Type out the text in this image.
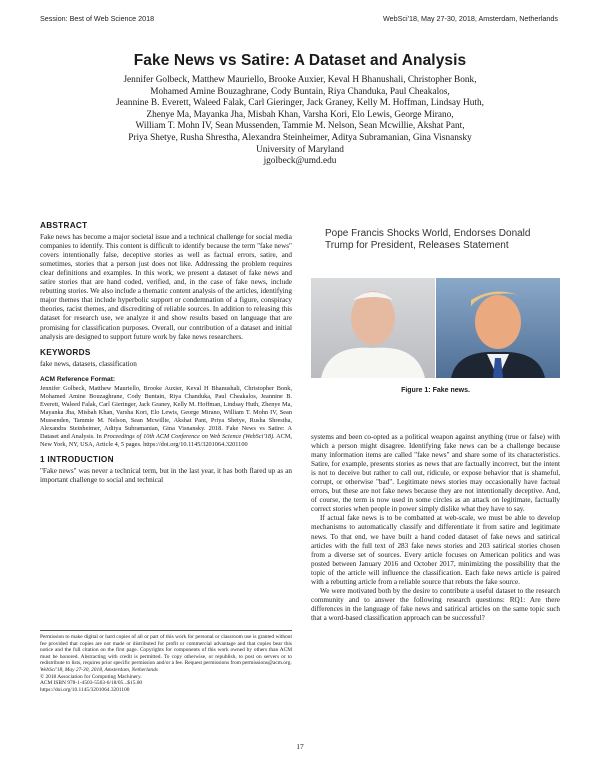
Session: Best of Web Science 2018	WebSci'18, May 27-30, 2018, Amsterdam, Netherlands
Fake News vs Satire: A Dataset and Analysis
Jennifer Golbeck, Matthew Mauriello, Brooke Auxier, Keval H Bhanushali, Christopher Bonk,
Mohamed Amine Bouzaghrane, Cody Buntain, Riya Chanduka, Paul Cheakalos,
Jeannine B. Everett, Waleed Falak, Carl Gieringer, Jack Graney, Kelly M. Hoffman, Lindsay Huth,
Zhenye Ma, Mayanka Jha, Misbah Khan, Varsha Kori, Elo Lewis, George Mirano,
William T. Mohn IV, Sean Mussenden, Tammie M. Nelson, Sean Mcwillie, Akshat Pant,
Priya Shetye, Rusha Shrestha, Alexandra Steinheimer, Aditya Subramanian, Gina Visnansky
University of Maryland
jgolbeck@umd.edu
ABSTRACT

Fake news has become a major societal issue and a technical challenge for social media companies to identify. This content is difficult to identify because the term "fake news" covers intentionally false, deceptive stories as well as factual errors, satire, and sometimes, stories that a person just does not like. Addressing the problem requires clear definitions and examples. In this work, we present a dataset of fake news and satire stories that are hand coded, verified, and, in the case of fake news, include rebutting stories. We also include a thematic content analysis of the articles, identifying major themes that include hyperbolic support or condemnation of a figure, conspiracy theories, racist themes, and discrediting of reliable sources. In addition to releasing this dataset for research use, we analyze it and show results based on language that are promising for classification purposes. Overall, our contribution of a dataset and initial analysis are designed to support future work by fake news researchers.

KEYWORDS

fake news, datasets, classification

ACM Reference Format:

Jennifer Golbeck, Matthew Mauriello, Brooke Auxier, Keval H Bhanushali, Christopher Bonk, Mohamed Amine Bouzaghrane, Cody Buntain, Riya Chanduka, Paul Cheakalos, Jeannine B. Everett, Waleed Falak, Carl Gieringer, Jack Graney, Kelly M. Hoffman, Lindsay Huth, Zhenye Ma, Mayanka Jha, Misbah Khan, Varsha Kori, Elo Lewis, George Mirano, William T. Mohn IV, Sean Mussenden, Tammie M. Nelson, Sean Mcwillie, Akshat Pant, Priya Shetye, Rusha Shrestha, Alexandra Steinheimer, Aditya Subramanian, Gina Visnansky. 2018. Fake News vs Satire: A Dataset and Analysis. In Proceedings of 10th ACM Conference on Web Science (WebSci'18). ACM, New York, NY, USA, Article 4, 5 pages. https://doi.org/10.1145/3201064.3201100

1 INTRODUCTION

"Fake news" was never a technical term, but in the last year, it has both flared up as an important challenge to social and technical

Permission to make digital or hard copies of all or part of this work for personal or classroom use is granted without fee provided that copies are not made or distributed for profit or commercial advantage and that copies bear this notice and the full citation on the first page. Copyrights for components of this work owned by others than ACM must be honored. Abstracting with credit is permitted. To copy otherwise, or republish, to post on servers or to redistribute to lists, requires prior specific permission and/or a fee. Request permissions from permissions@acm.org.

WebSci'18, May 27-30, 2018, Amsterdam, Netherlands

© 2018 Association for Computing Machinery.

ACM ISBN 978-1-4503-5563-6/18/05...$15.00

https://doi.org/10.1145/3201064.3201100

Pope Francis Shocks World, Endorses Donald Trump for President, Releases Statement
Figure 1: Fake news.

systems and been co-opted as a political weapon against anything (true or false) with which a person might disagree. Identifying fake news can be a challenge because many information items are called "fake news" and share some of its characteristics. Satire, for example, presents stories as news that are factually incorrect, but the intent is not to deceive but rather to call out, ridicule, or expose behavior that is shameful, corrupt, or otherwise "bad". Legitimate news stories may occasionally have factual errors, but these are not fake news because they are not intentionally deceptive. And, of course, the term is now used in some circles as an attack on legitimate, factually correct stories when people in power simply dislike what they have to say.

If actual fake news is to be combatted at web-scale, we must be able to develop mechanisms to automatically classify and differentiate it from satire and legitimate news. To that end, we have built a hand coded dataset of fake news and satirical articles with the full text of 283 fake news stories and 203 satirical stories chosen from a diverse set of sources. Every article focuses on American politics and was posted between January 2016 and October 2017, minimizing the possibility that the topic of the article will influence the classification. Each fake news article is paired with a rebutting article from a reliable source that rebuts the fake source.

We were motivated both by the desire to contribute a useful dataset to the research community and to answer the following research questions: RQ1: Are there differences in the language of fake news and satirical articles on the same topic such that a word-based classification approach can be successful?

17
